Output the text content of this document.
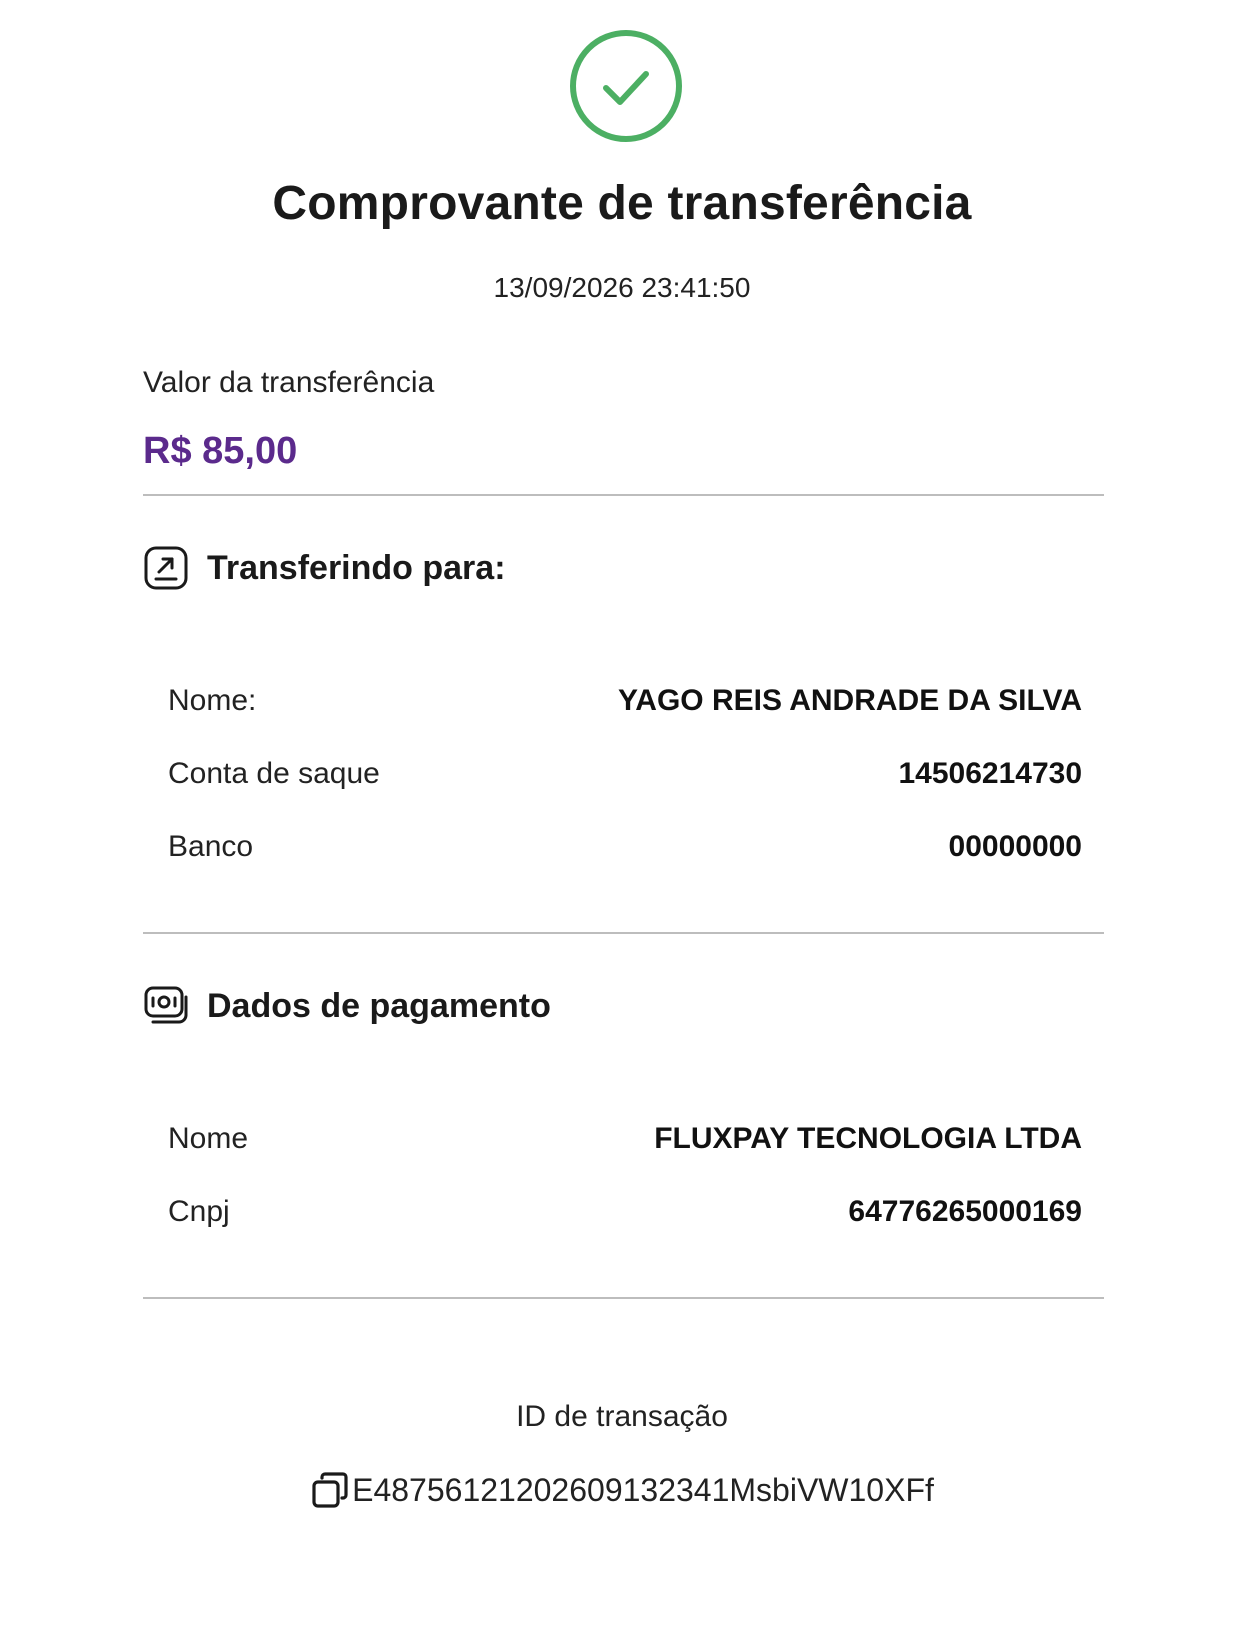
Comprovante de transferência
13/09/2026 23:41:50
Valor da transferência
R$ 85,00
Transferindo para:
Nome:	YAGO REIS ANDRADE DA SILVA
Conta de saque	14506214730
Banco	00000000
Dados de pagamento
Nome	FLUXPAY TECNOLOGIA LTDA
Cnpj	64776265000169
ID de transação
E48756121202609132341MsbiVW10XFf
